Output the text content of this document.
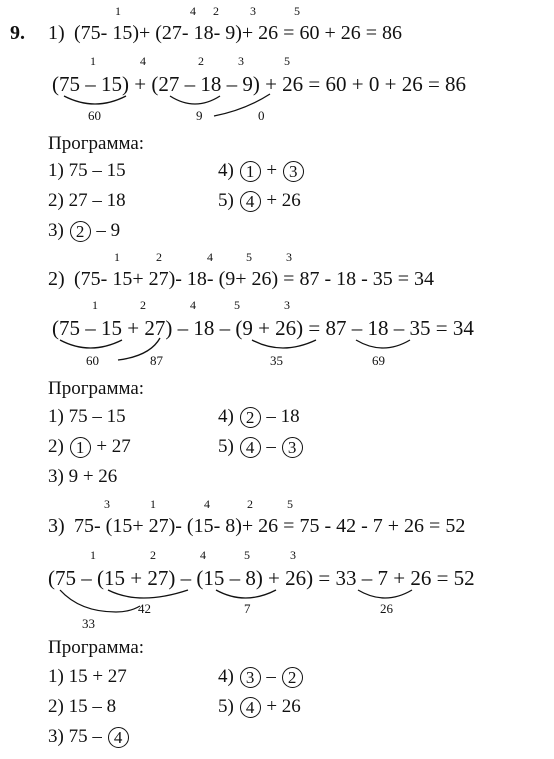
9. 1)
1	4 2	3	5
(75- 15)+ (27- 18- 9)+ 26 = 60 + 26 = 86
1	4	2	3	5
(75 – 15) + (27 – 18 – 9) + 26 = 60 + 0 + 26 = 86
60	9	0
Программа:
1) 75 – 15
2) 27 – 18
3) 2 – 9
4) 1 + 3
5) 4 + 26
2)
1	2	4	5	3
(75- 15+ 27)- 18- (9+ 26) = 87 - 18 - 35 = 34
1	2	4	5	3
(75 – 15 + 27) – 18 – (9 + 26) = 87 – 18 – 35 = 34
60	87	35	69
Программа:
1) 75 – 15
2) 1 + 27
3) 9 + 26
4) 2 – 18
5) 4 – 3
3)
3	1	4	2	5
75- (15+ 27)- (15- 8)+ 26 = 75 - 42 - 7 + 26 = 52
1	2	4	5	3
(75 – (15 + 27) – (15 – 8) + 26) = 33 – 7 + 26 = 52
33
42	7	26
Программа:
1) 15 + 27
2) 15 – 8
3) 75 – 4
4) 3 – 2
5) 4 + 26
